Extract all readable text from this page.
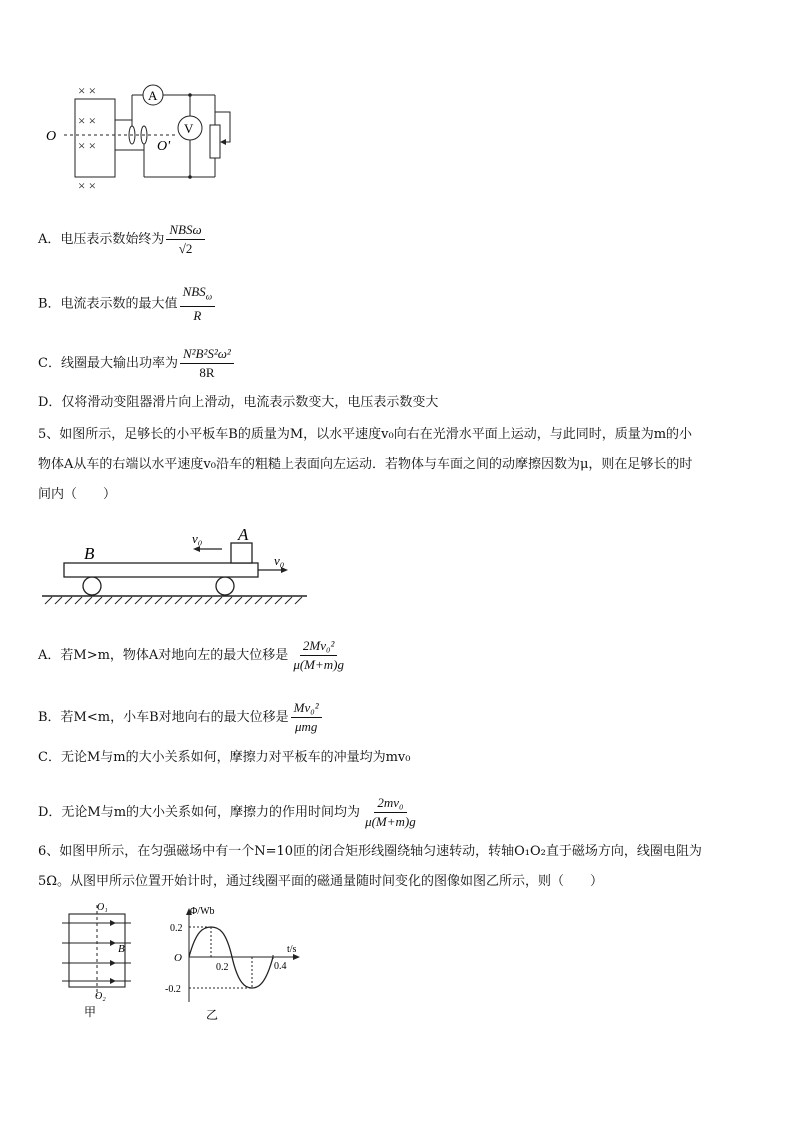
× ×
× ×
× ×
× ×
O
O'
A
V
A．电压表示数始终为 $\frac{\text{NBSω}}{√2}$
B．电流表示数的最大值 $\frac{NBS_\omega}{R}$
C．线圈最大输出功率为 $\frac{\text{N²B²S²ω²}}{8R}$
D．仅将滑动变阻器滑片向上滑动，电流表示数变大，电压表示数变大
5、如图所示，足够长的小平板车B的质量为M，以水平速度v₀向右在光滑水平面上运动，与此同时，质量为m的小
物体A从车的右端以水平速度v₀沿车的粗糙上表面向左运动．若物体与车面之间的动摩擦因数为μ，则在足够长的时
间内（　　）
B
A
v₀
v₀
A．若M>m，物体A对地向左的最大位移是 $\frac{\text{2Mv₀²}}{\mu(M+m)g}$
B．若M<m，小车B对地向右的最大位移是 $\frac{\text{Mv₀²}}{\text{μmg}}$
C．无论M与m的大小关系如何，摩擦力对平板车的冲量均为mv₀
D．无论M与m的大小关系如何，摩擦力的作用时间均为 $\frac{\text{2mv₀}}{\mu(M+m)g}$
6、如图甲所示，在匀强磁场中有一个N=10匝的闭合矩形线圈绕轴匀速转动，转轴O₁O₂直于磁场方向，线圈电阻为
5Ω。从图甲所示位置开始计时，通过线圈平面的磁通量随时间变化的图像如图乙所示，则（　　）
O₁
O₂
B
甲
Φ/Wb
t/s
O
0.2
-0.2
0.2	0.4
乙
